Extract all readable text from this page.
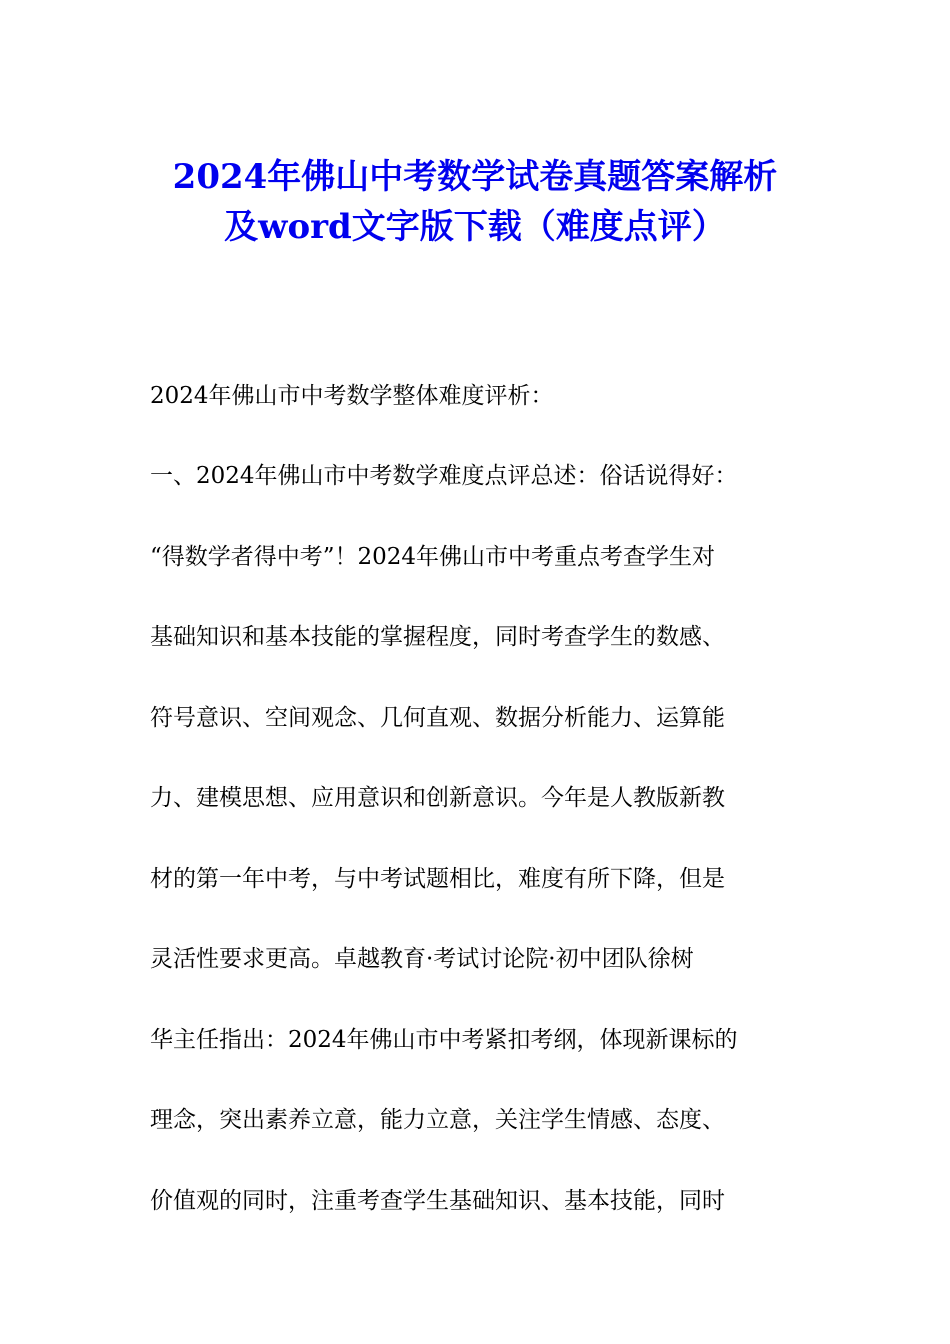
2024年佛山中考数学试卷真题答案解析
及word文字版下载（难度点评）
2024年佛山市中考数学整体难度评析：
一、2024年佛山市中考数学难度点评总述：俗话说得好：
“得数学者得中考”！2024年佛山市中考重点考查学生对
基础知识和基本技能的掌握程度，同时考查学生的数感、
符号意识、空间观念、几何直观、数据分析能力、运算能
力、建模思想、应用意识和创新意识。今年是人教版新教
材的第一年中考，与中考试题相比，难度有所下降，但是
灵活性要求更高。卓越教育·考试讨论院·初中团队徐树
华主任指出：2024年佛山市中考紧扣考纲，体现新课标的
理念，突出素养立意，能力立意，关注学生情感、态度、
价值观的同时，注重考查学生基础知识、基本技能，同时
